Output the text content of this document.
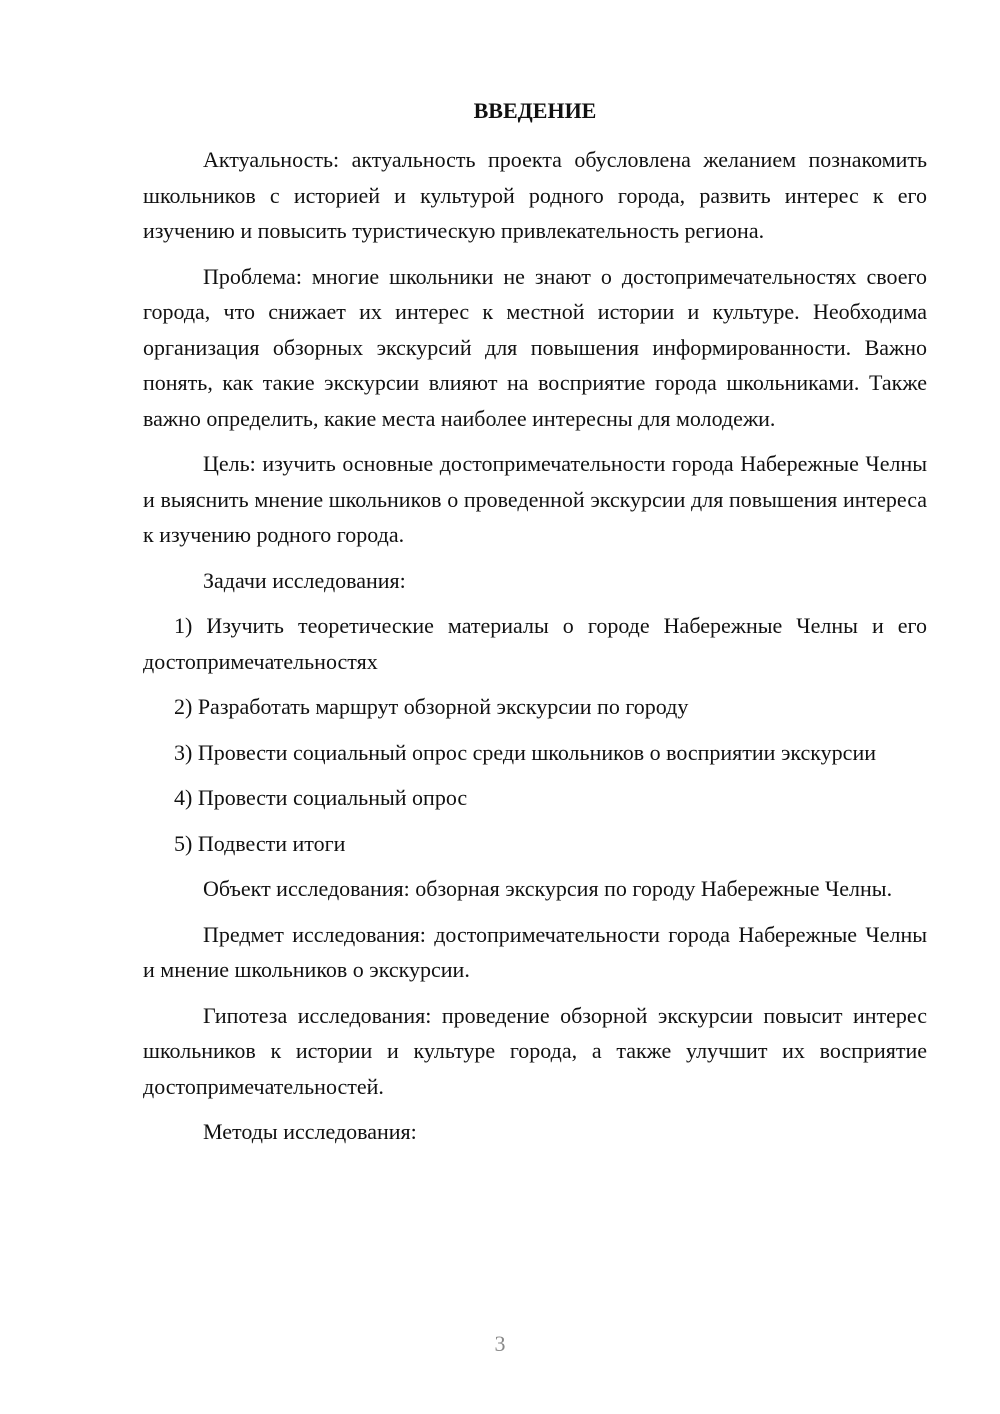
ВВЕДЕНИЕ

Актуальность: актуальность проекта обусловлена желанием познакомить школьников с историей и культурой родного города, развить интерес к его изучению и повысить туристическую привлекательность региона.

Проблема: многие школьники не знают о достопримечательностях своего города, что снижает их интерес к местной истории и культуре. Необходима организация обзорных экскурсий для повышения информированности. Важно понять, как такие экскурсии влияют на восприятие города школьниками. Также важно определить, какие места наиболее интересны для молодежи.

Цель: изучить основные достопримечательности города Набережные Челны и выяснить мнение школьников о проведенной экскурсии для повышения интереса к изучению родного города.

Задачи исследования:

1) Изучить теоретические материалы о городе Набережные Челны и его достопримечательностях

2) Разработать маршрут обзорной экскурсии по городу

3) Провести социальный опрос среди школьников о восприятии экскурсии

4) Провести социальный опрос

5) Подвести итоги

Объект исследования: обзорная экскурсия по городу Набережные Челны.

Предмет исследования: достопримечательности города Набережные Челны и мнение школьников о экскурсии.

Гипотеза исследования: проведение обзорной экскурсии повысит интерес школьников к истории и культуре города, а также улучшит их восприятие достопримечательностей.

Методы исследования:

3
